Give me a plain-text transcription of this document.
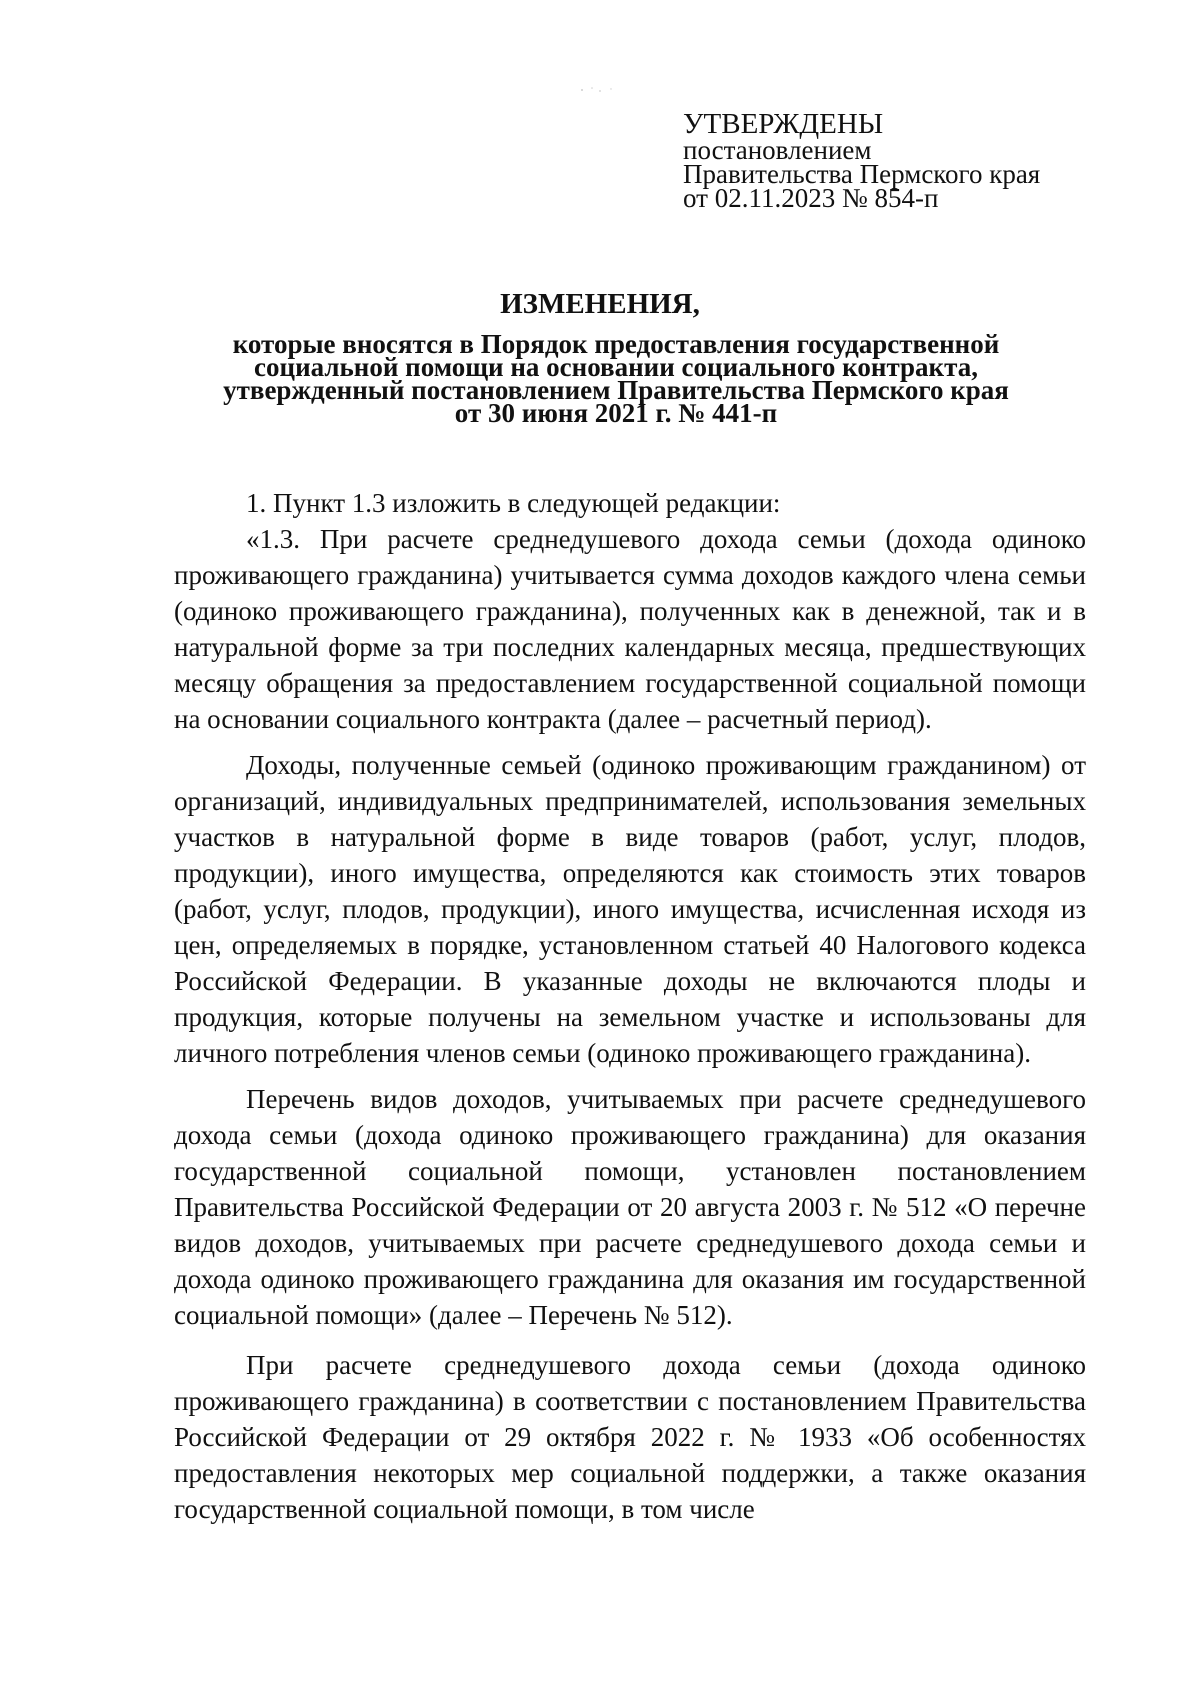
УТВЕРЖДЕНЫ
постановлением
Правительства Пермского края
от 02.11.2023 № 854-п
ИЗМЕНЕНИЯ,
которые вносятся в Порядок предоставления государственной
социальной помощи на основании социального контракта,
утвержденный постановлением Правительства Пермского края
от 30 июня 2021 г. № 441-п

1. Пункт 1.3 изложить в следующей редакции:

«1.3. При расчете среднедушевого дохода семьи (дохода одиноко проживающего гражданина) учитывается сумма доходов каждого члена семьи (одиноко проживающего гражданина), полученных как в денежной, так и в натуральной форме за три последних календарных месяца, предшествующих месяцу обращения за предоставлением государственной социальной помощи на основании социального контракта (далее – расчетный период).

Доходы, полученные семьей (одиноко проживающим гражданином) от организаций, индивидуальных предпринимателей, использования земельных участков в натуральной форме в виде товаров (работ, услуг, плодов, продукции), иного имущества, определяются как стоимость этих товаров (работ, услуг, плодов, продукции), иного имущества, исчисленная исходя из цен, определяемых в порядке, установленном статьей 40 Налогового кодекса Российской Федерации. В указанные доходы не включаются плоды и продукция, которые получены на земельном участке и использованы для личного потребления членов семьи (одиноко проживающего гражданина).

Перечень видов доходов, учитываемых при расчете среднедушевого дохода семьи (дохода одиноко проживающего гражданина) для оказания государственной социальной помощи, установлен постановлением Правительства Российской Федерации от 20 августа 2003 г. № 512 «О перечне видов доходов, учитываемых при расчете среднедушевого дохода семьи и дохода одиноко проживающего гражданина для оказания им государственной социальной помощи» (далее – Перечень № 512).

При расчете среднедушевого дохода семьи (дохода одиноко проживающего гражданина) в соответствии с постановлением Правительства Российской Федерации от 29 октября 2022 г. № 1933 «Об особенностях предоставления некоторых мер социальной поддержки, а также оказания государственной социальной помощи, в том числе
